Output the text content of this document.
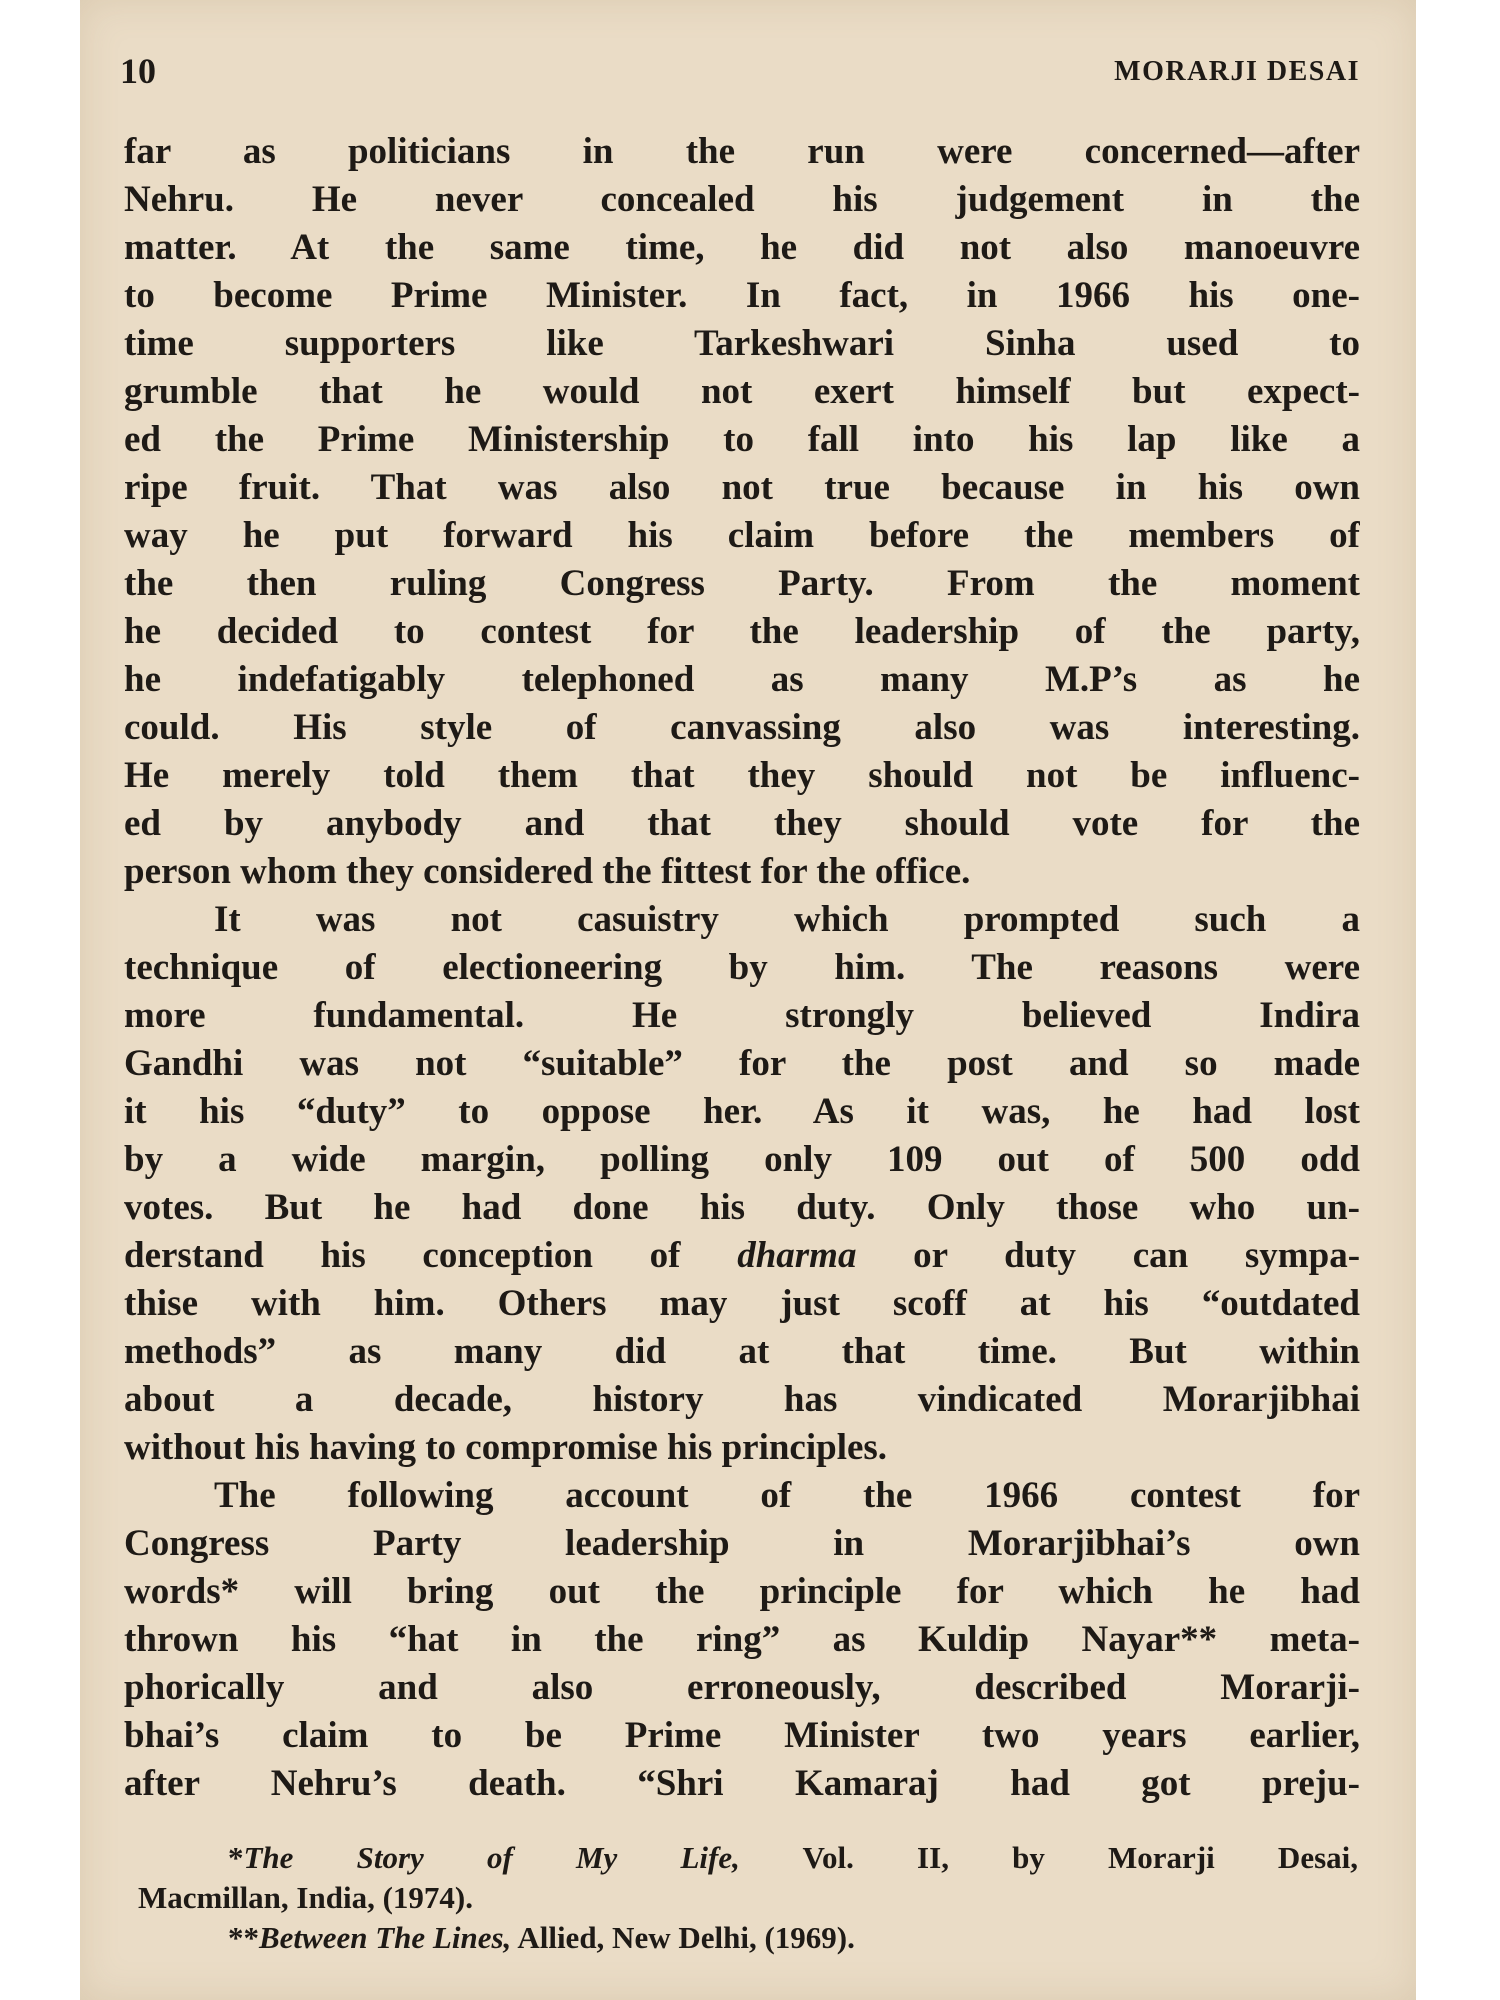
10	MORARJI DESAI
far as politicians in the run were concerned—after
Nehru. He never concealed his judgement in the
matter. At the same time, he did not also manoeuvre
to become Prime Minister. In fact, in 1966 his one-
time supporters like Tarkeshwari Sinha used to
grumble that he would not exert himself but expect-
ed the Prime Ministership to fall into his lap like a
ripe fruit. That was also not true because in his own
way he put forward his claim before the members of
the then ruling Congress Party. From the moment
he decided to contest for the leadership of the party,
he indefatigably telephoned as many M.P’s as he
could. His style of canvassing also was interesting.
He merely told them that they should not be influenc-
ed by anybody and that they should vote for the
person whom they considered the fittest for the office.
It was not casuistry which prompted such a
technique of electioneering by him. The reasons were
more fundamental. He strongly believed Indira
Gandhi was not “suitable” for the post and so made
it his “duty” to oppose her. As it was, he had lost
by a wide margin, polling only 109 out of 500 odd
votes. But he had done his duty. Only those who un-
derstand his conception of dharma or duty can sympa-
thise with him. Others may just scoff at his “outdated
methods” as many did at that time. But within
about a decade, history has vindicated Morarjibhai
without his having to compromise his principles.
The following account of the 1966 contest for
Congress Party leadership in Morarjibhai’s own
words* will bring out the principle for which he had
thrown his “hat in the ring” as Kuldip Nayar** meta-
phorically and also erroneously, described Morarji-
bhai’s claim to be Prime Minister two years earlier,
after Nehru’s death. “Shri Kamaraj had got preju-
*The Story of My Life, Vol. II, by Morarji Desai,
Macmillan, India, (1974).
**Between The Lines, Allied, New Delhi, (1969).
